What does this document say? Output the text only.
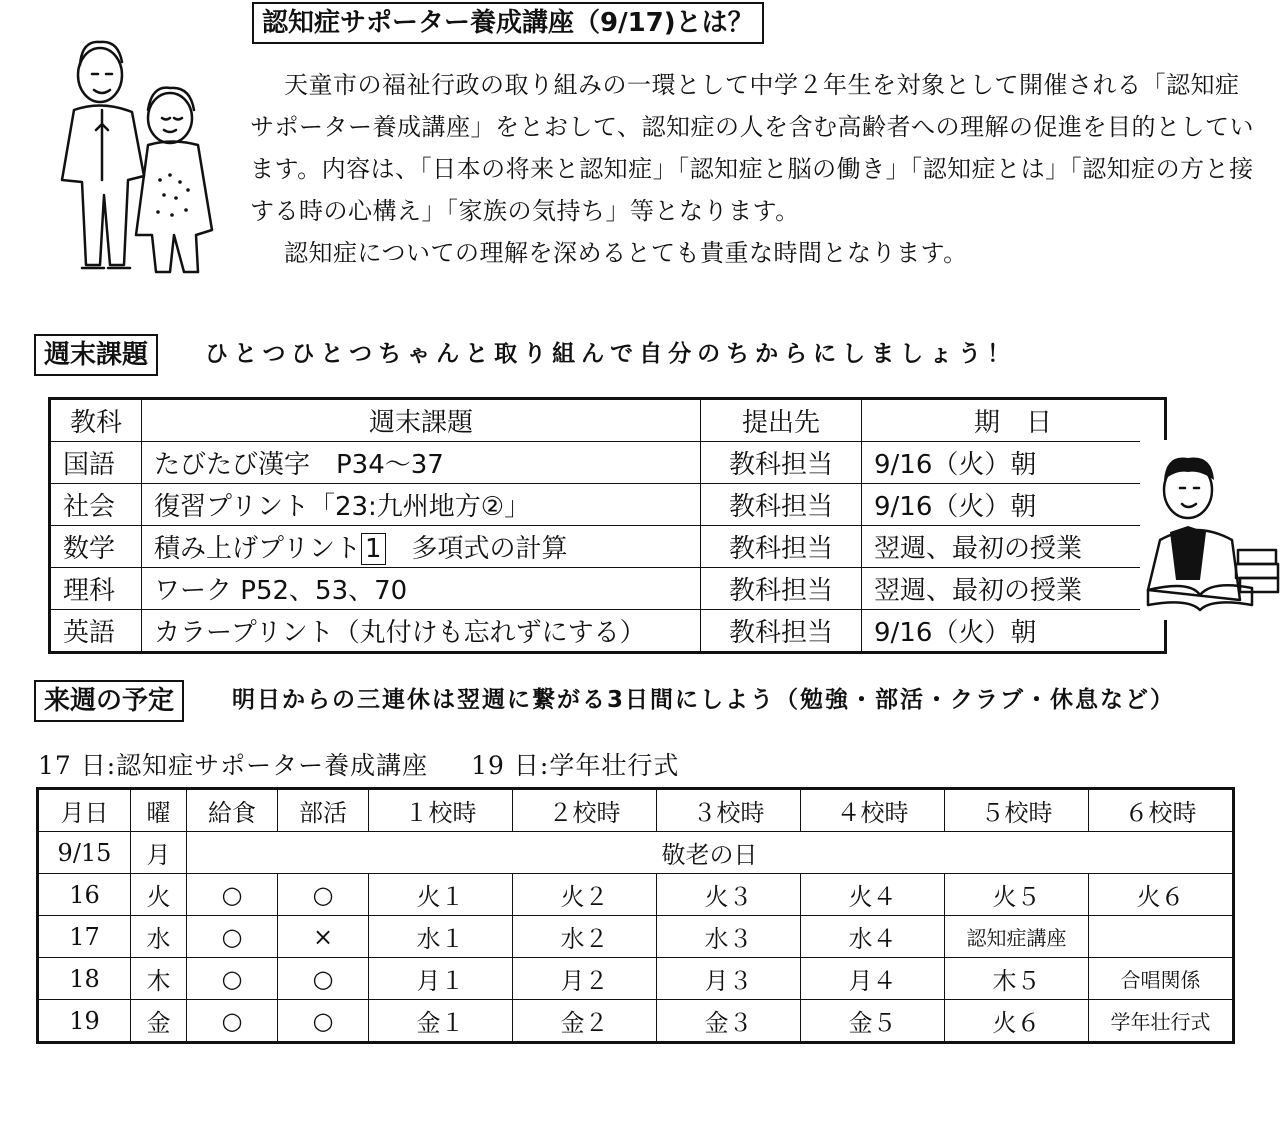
認知症サポーター養成講座（9/17)とは？

天童市の福祉行政の取り組みの一環として中学２年生を対象として開催される「認知症サポーター養成講座」をとおして、認知症の人を含む高齢者への理解の促進を目的としています。内容は、「日本の将来と認知症」「認知症と脳の働き」「認知症とは」「認知症の方と接する時の心構え」「家族の気持ち」等となります。

認知症についての理解を深めるとても貴重な時間となります。

週末課題	ひとつひとつちゃんと取り組んで自分のちからにしましょう！
教科	週末課題	提出先	期　日
国語	たびたび漢字　P34～37	教科担当	9/16（火）朝
社会	復習プリント「23:九州地方②」	教科担当	9/16（火）朝
数学	積み上げプリント 1　多項式の計算	教科担当	翌週、最初の授業
理科	ワーク P52、53、70	教科担当	翌週、最初の授業
英語	カラープリント（丸付けも忘れずにする）	教科担当	9/16（火）朝
来週の予定	明日からの三連休は翌週に繋がる3日間にしよう（勉強・部活・クラブ・休息など）
17 日:認知症サポーター養成講座 19 日:学年壮行式
月日	曜	給食	部活	１校時	２校時	３校時	４校時	５校時	６校時
9/15	月	敬老の日							
16	火	○	○	火１	火２	火３	火４	火５	火６
17	水	○	×	水１	水２	水３	水４	認知症講座	
18	木	○	○	月１	月２	月３	月４	木５	合唱関係
19	金	○	○	金１	金２	金３	金５	火６	学年壮行式
